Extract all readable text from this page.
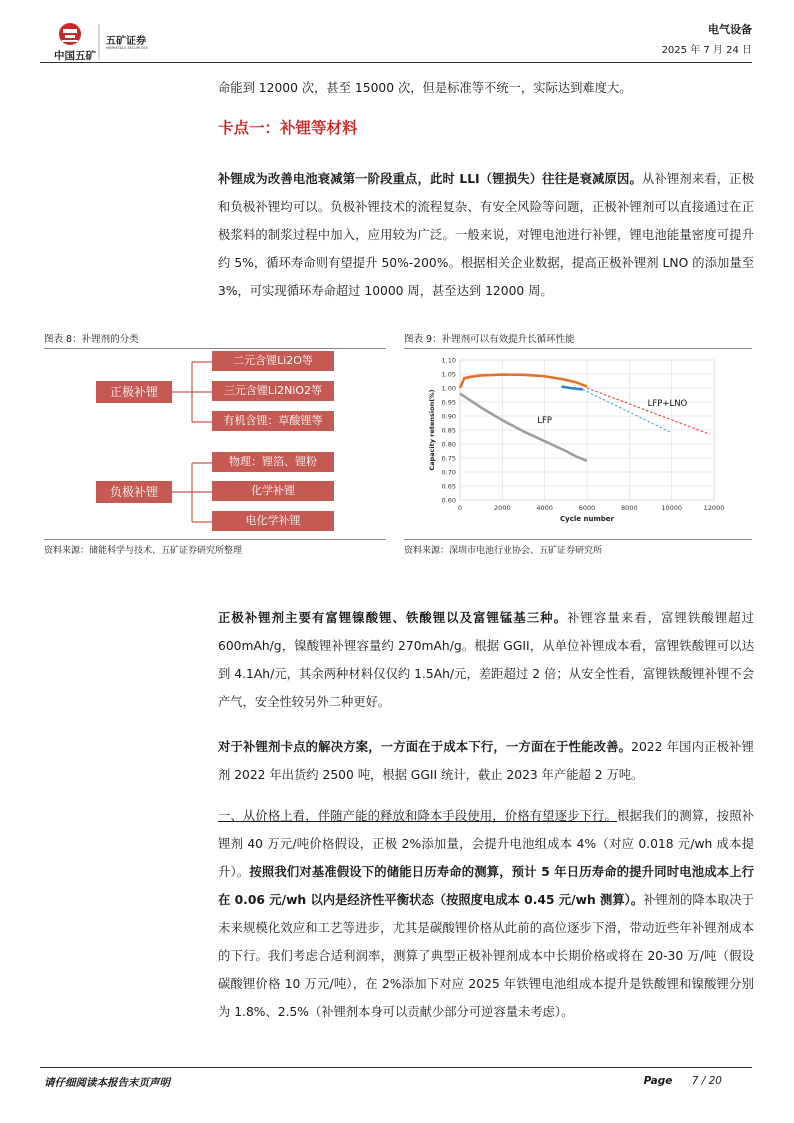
中国五矿
五矿证券
MINMETALS SECURITIES
电气设备
2025 年 7 月 24 日
命能到 12000 次，甚至 15000 次，但是标准等不统一，实际达到难度大。
卡点一：补锂等材料
补锂成为改善电池衰减第一阶段重点，此时 LLI（锂损失）往往是衰减原因。从补锂剂来看，正极和负极补锂均可以。负极补锂技术的流程复杂、有安全风险等问题，正极补锂剂可以直接通过在正极浆料的制浆过程中加入，应用较为广泛。一般来说，对锂电池进行补锂，锂电池能量密度可提升约 5%，循环寿命则有望提升 50%-200%。根据相关企业数据，提高正极补锂剂 LNO 的添加量至 3%，可实现循环寿命超过 10000 周，甚至达到 12000 周。
图表 8：补锂剂的分类
正极补锂
负极补锂
二元含锂Li2O等
三元含锂Li2NiO2等
有机含锂：草酸锂等
物理：锂箔、锂粉
化学补锂
电化学补锂
资料来源：储能科学与技术、五矿证券研究所整理
图表 9：补锂剂可以有效提升长循环性能
0.60
0.65
0.70
0.75
0.80
0.85
0.90
0.95
1.00
1.05
1.10
0	2000	4000	6000	8000	10000	12000
Cycle number
Capacity retension(%)	LFP+LNO
LFP
资料来源：深圳市电池行业协会、五矿证券研究所
正极补锂剂主要有富锂镍酸锂、铁酸锂以及富锂锰基三种。补锂容量来看，富锂铁酸锂超过600mAh/g，镍酸锂补锂容量约 270mAh/g。根据 GGII，从单位补锂成本看，富锂铁酸锂可以达到 4.1Ah/元，其余两种材料仅仅约 1.5Ah/元，差距超过 2 倍；从安全性看，富锂铁酸锂补锂不会产气，安全性较另外二种更好。
对于补锂剂卡点的解决方案，一方面在于成本下行，一方面在于性能改善。2022 年国内正极补锂剂 2022 年出货约 2500 吨，根据 GGII 统计，截止 2023 年产能超 2 万吨。
一、从价格上看，伴随产能的释放和降本手段使用，价格有望逐步下行。根据我们的测算，按照补锂剂 40 万元/吨价格假设，正极 2%添加量，会提升电池组成本 4%（对应 0.018 元/wh 成本提升）。按照我们对基准假设下的储能日历寿命的测算，预计 5 年日历寿命的提升同时电池成本上行在 0.06 元/wh 以内是经济性平衡状态（按照度电成本 0.45 元/wh 测算）。补锂剂的降本取决于未来规模化效应和工艺等进步，尤其是碳酸锂价格从此前的高位逐步下滑，带动近些年补锂剂成本的下行。我们考虑合适利润率，测算了典型正极补锂剂成本中长期价格或将在 20-30 万/吨（假设碳酸锂价格 10 万元/吨），在 2%添加下对应 2025 年铁锂电池组成本提升是铁酸锂和镍酸锂分别为 1.8%、2.5%（补锂剂本身可以贡献少部分可逆容量未考虑）。
请仔细阅读本报告末页声明	Page 7 / 20
